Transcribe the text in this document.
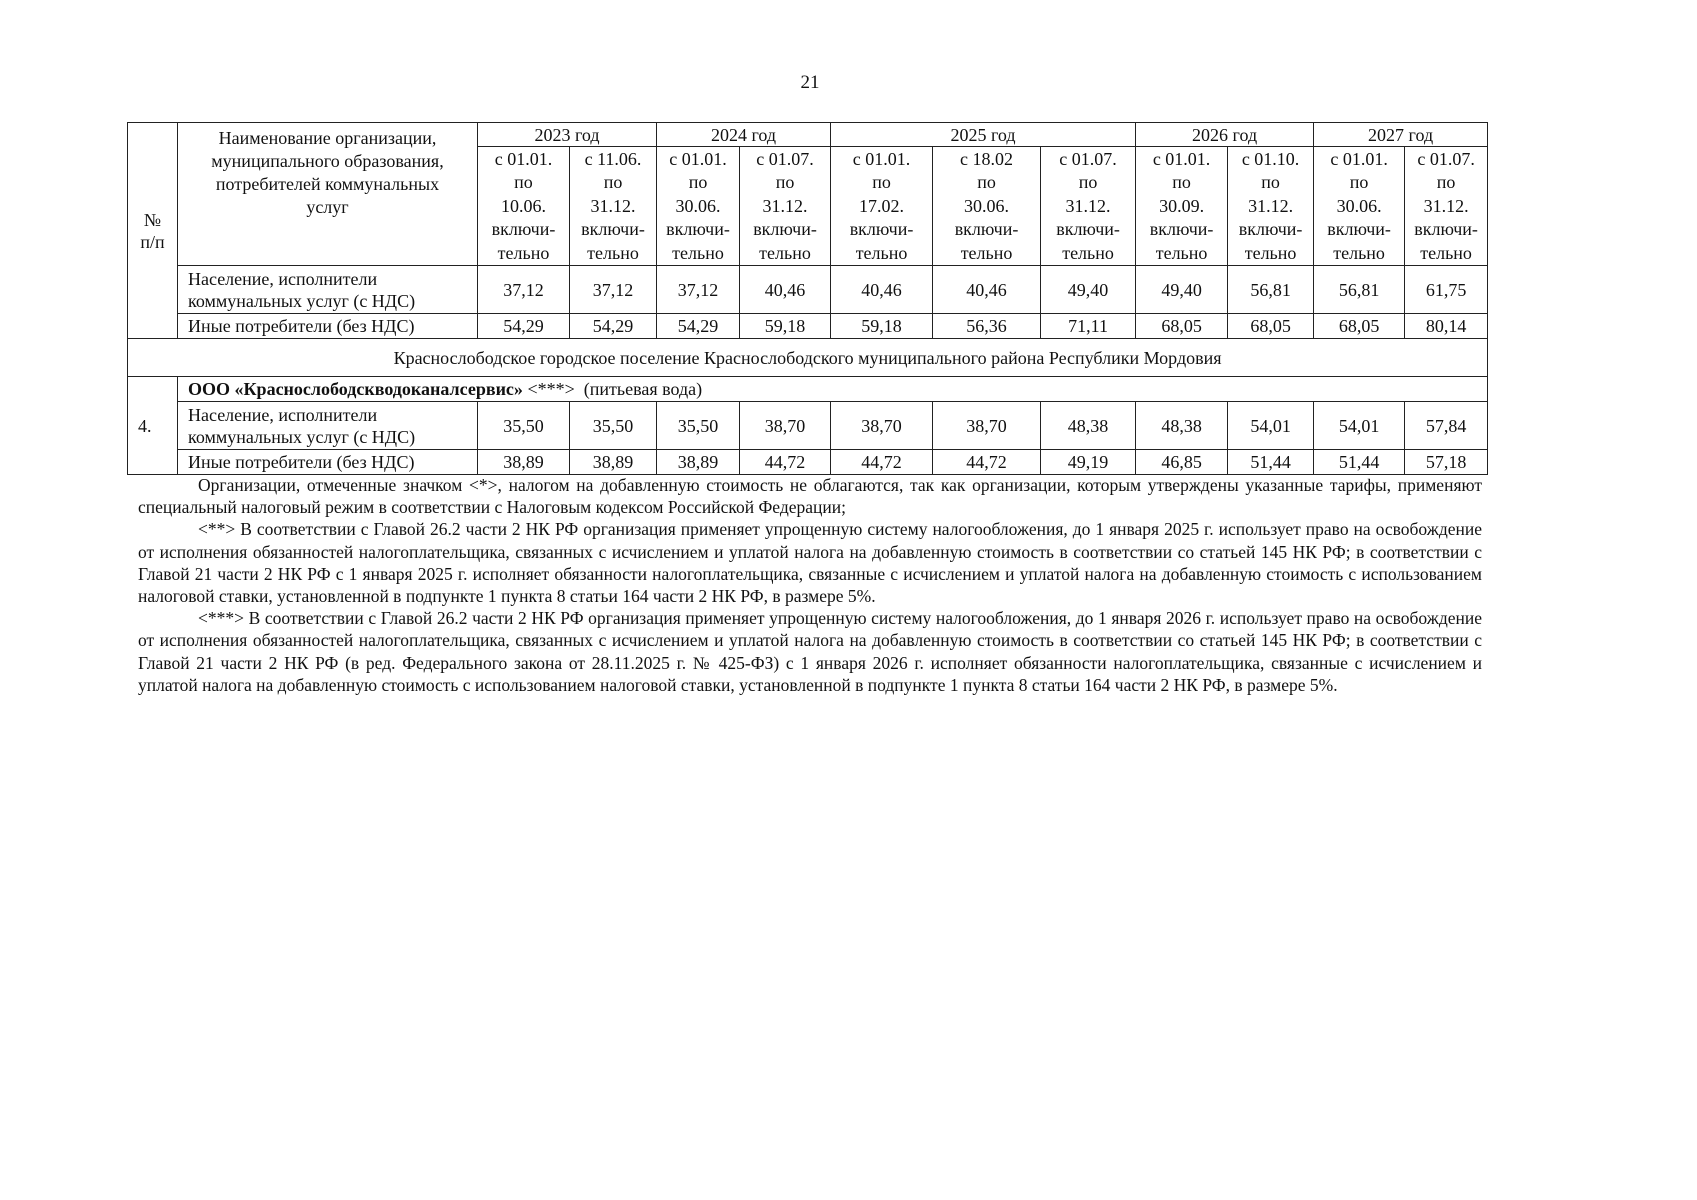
21
№
п/п	Наименование организации,
муниципального образования,
потребителей коммунальных
услуг	2023 год		2024 год		2025 год			2026 год		2027 год	

		с 01.01.
по
10.06.
включи-
тельно	с 11.06.
по
31.12.
включи-
тельно	с 01.01.
по
30.06.
включи-
тельно	с 01.07.
по
31.12.
включи-
тельно	с 01.01.
по
17.02.
включи-
тельно	с 18.02
по
30.06.
включи-
тельно	с 01.07.
по
31.12.
включи-
тельно	с 01.01.
по
30.09.
включи-
тельно	с 01.10.
по
31.12.
включи-
тельно	с 01.01.
по
30.06.
включи-
тельно	с 01.07.
по
31.12.
включи-
тельно

	Население, исполнители
коммунальных услуг (с НДС)	37,12	37,12	37,12	40,46	40,46	40,46	49,40	49,40	56,81	56,81	61,75

	Иные потребители (без НДС)	54,29	54,29	54,29	59,18	59,18	56,36	71,11	68,05	68,05	68,05	80,14
Краснослободское городское поселение Краснослободского муниципального района Республики Мордовия												
4.	ООО «Краснослободскводоканалсервис» <***>  (питьевая вода)											

	Население, исполнители
коммунальных услуг (с НДС)	35,50	35,50	35,50	38,70	38,70	38,70	48,38	48,38	54,01	54,01	57,84

	Иные потребители (без НДС)	38,89	38,89	38,89	44,72	44,72	44,72	49,19	46,85	51,44	51,44	57,18

Организации, отмеченные значком <*>, налогом на добавленную стоимость не облагаются, так как организации, которым утверждены указанные тарифы, применяют специальный налоговый режим в соответствии с Налоговым кодексом Российской Федерации;

<**> В соответствии с Главой 26.2 части 2 НК РФ организация применяет упрощенную систему налогообложения, до 1 января 2025 г. использует право на освобождение от исполнения обязанностей налогоплательщика, связанных с исчислением и уплатой налога на добавленную стоимость в соответствии со статьей 145 НК РФ; в соответствии с Главой 21 части 2 НК РФ с 1 января 2025 г. исполняет обязанности налогоплательщика, связанные с исчислением и уплатой налога на добавленную стоимость с использованием налоговой ставки, установленной в подпункте 1 пункта 8 статьи 164 части 2 НК РФ, в размере 5%.

<***> В соответствии с Главой 26.2 части 2 НК РФ организация применяет упрощенную систему налогообложения, до 1 января 2026 г. использует право на освобождение от исполнения обязанностей налогоплательщика, связанных с исчислением и уплатой налога на добавленную стоимость в соответствии со статьей 145 НК РФ; в соответствии с Главой 21 части 2 НК РФ (в ред. Федерального закона от 28.11.2025 г. № 425-ФЗ) с 1 января 2026 г. исполняет обязанности налогоплательщика, связанные с исчислением и уплатой налога на добавленную стоимость с использованием налоговой ставки, установленной в подпункте 1 пункта 8 статьи 164 части 2 НК РФ, в размере 5%.
